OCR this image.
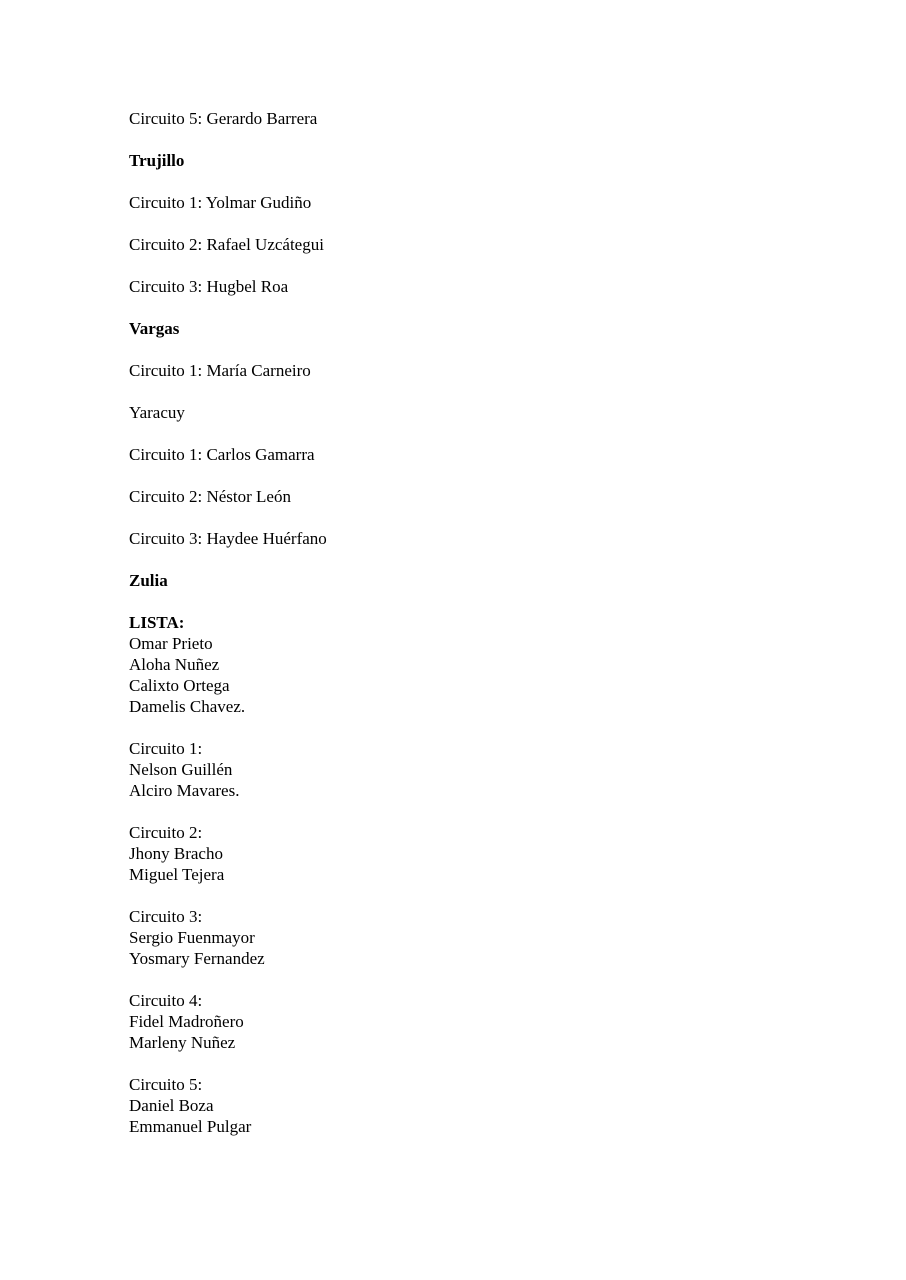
Circuito 5: Gerardo Barrera

Trujillo

Circuito 1: Yolmar Gudiño

Circuito 2: Rafael Uzcátegui

Circuito 3: Hugbel Roa

Vargas

Circuito 1: María Carneiro

Yaracuy

Circuito 1: Carlos Gamarra

Circuito 2: Néstor León

Circuito 3: Haydee Huérfano

Zulia

LISTA:

Omar Prieto

Aloha Nuñez

Calixto Ortega

Damelis Chavez.

Circuito 1:

Nelson Guillén

Alciro Mavares.

Circuito 2:

Jhony Bracho

Miguel Tejera

Circuito 3:

Sergio Fuenmayor

Yosmary Fernandez

Circuito 4:

Fidel Madroñero

Marleny Nuñez

Circuito 5:

Daniel Boza

Emmanuel Pulgar
